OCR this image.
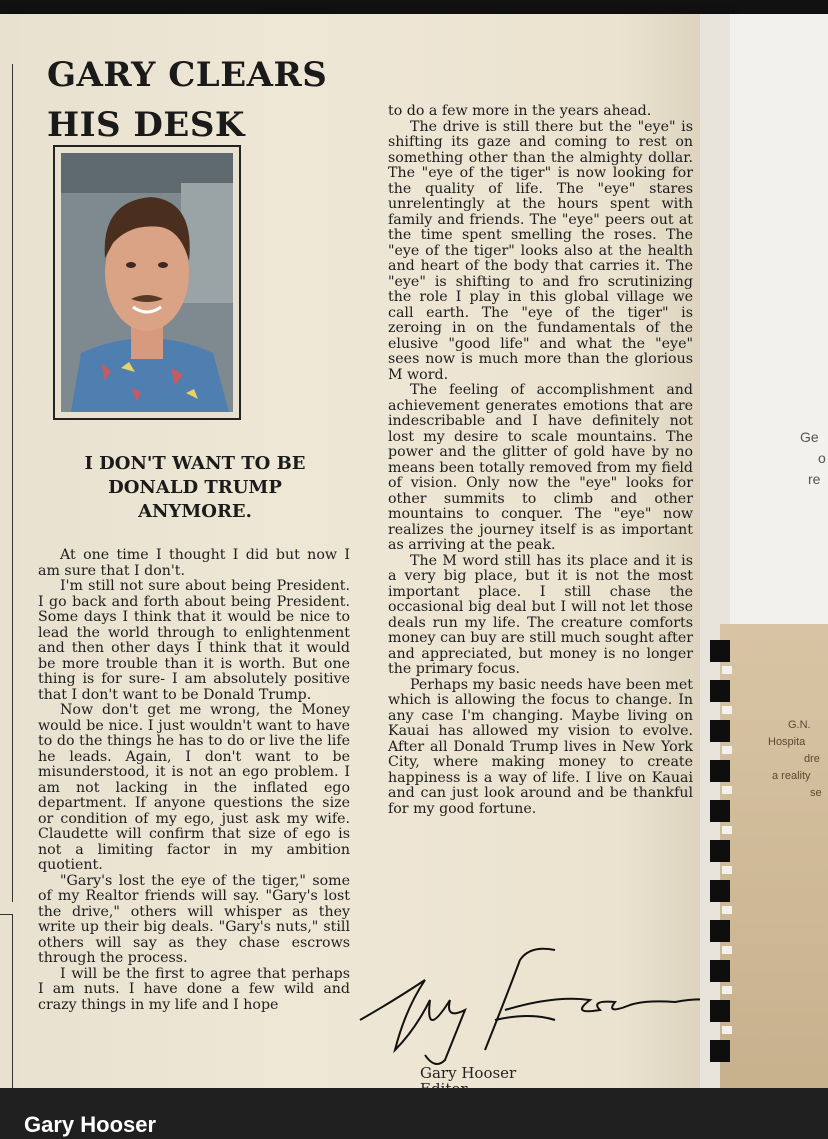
GARY CLEARS
HIS DESK
I DON'T WANT TO BE DONALD TRUMP ANYMORE.

At one time I thought I did but now I am sure that I don't.

I'm still not sure about being President. I go back and forth about being President. Some days I think that it would be nice to lead the world through to enlightenment and then other days I think that it would be more trouble than it is worth. But one thing is for sure- I am absolutely positive that I don't want to be Donald Trump.

Now don't get me wrong, the Money would be nice. I just wouldn't want to have to do the things he has to do or live the life he leads. Again, I don't want to be misunderstood, it is not an ego problem. I am not lacking in the inflated ego department. If anyone questions the size or condition of my ego, just ask my wife. Claudette will confirm that size of ego is not a limiting factor in my ambition quotient.

"Gary's lost the eye of the tiger," some of my Realtor friends will say. "Gary's lost the drive," others will whisper as they write up their big deals. "Gary's nuts," still others will say as they chase escrows through the process.

I will be the first to agree that perhaps I am nuts. I have done a few wild and crazy things in my life and I hope

to do a few more in the years ahead.

The drive is still there but the "eye" is shifting its gaze and coming to rest on something other than the almighty dollar. The "eye of the tiger" is now looking for the quality of life. The "eye" stares unrelentingly at the hours spent with family and friends. The "eye" peers out at the time spent smelling the roses. The "eye of the tiger" looks also at the health and heart of the body that carries it. The "eye" is shifting to and fro scrutinizing the role I play in this global village we call earth. The "eye of the tiger" is zeroing in on the fundamentals of the elusive "good life" and what the "eye" sees now is much more than the glorious M word.

The feeling of accomplishment and achievement generates emotions that are indescribable and I have definitely not lost my desire to scale mountains. The power and the glitter of gold have by no means been totally removed from my field of vision. Only now the "eye" looks for other summits to climb and other mountains to conquer. The "eye" now realizes the journey itself is as important as arriving at the peak.

The M word still has its place and it is a very big place, but it is not the most important place. I still chase the occasional big deal but I will not let those deals run my life. The creature comforts money can buy are still much sought after and appreciated, but money is no longer the primary focus.

Perhaps my basic needs have been met which is allowing the focus to change. In any case I'm changing. Maybe living on Kauai has allowed my vision to evolve. After all Donald Trump lives in New York City, where making money to create happiness is a way of life. I live on Kauai and can just look around and be thankful for my good fortune.

Gary Hooser
Ge
o
re
G.N.
Hospita
dre
a reality
se
Gary Hooser
